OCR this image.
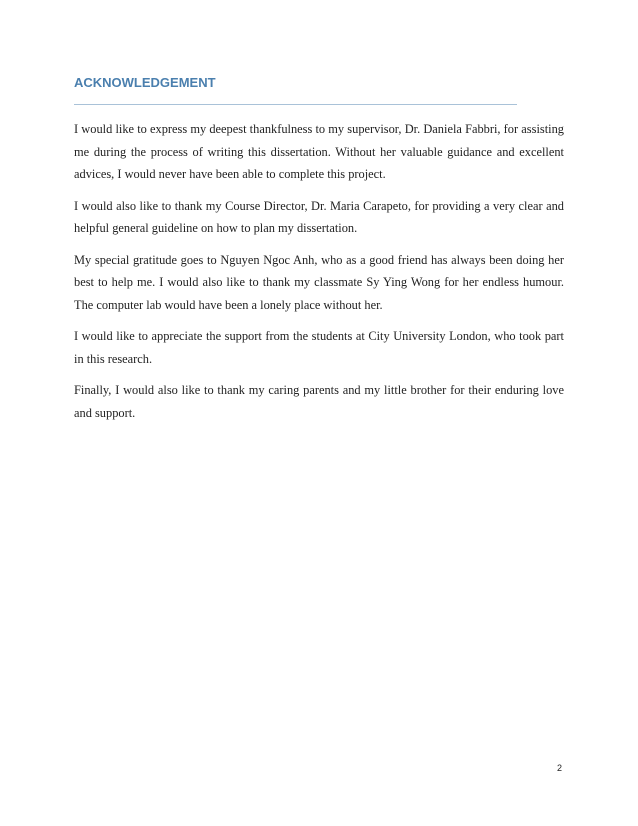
ACKNOWLEDGEMENT

I would like to express my deepest thankfulness to my supervisor, Dr. Daniela Fabbri, for assisting me during the process of writing this dissertation. Without her valuable guidance and excellent advices, I would never have been able to complete this project.

I would also like to thank my Course Director, Dr. Maria Carapeto, for providing a very clear and helpful general guideline on how to plan my dissertation.

My special gratitude goes to Nguyen Ngoc Anh, who as a good friend has always been doing her best to help me. I would also like to thank my classmate Sy Ying Wong for her endless humour. The computer lab would have been a lonely place without her.

I would like to appreciate the support from the students at City University London, who took part in this research.

Finally, I would also like to thank my caring parents and my little brother for their enduring love and support.

2
